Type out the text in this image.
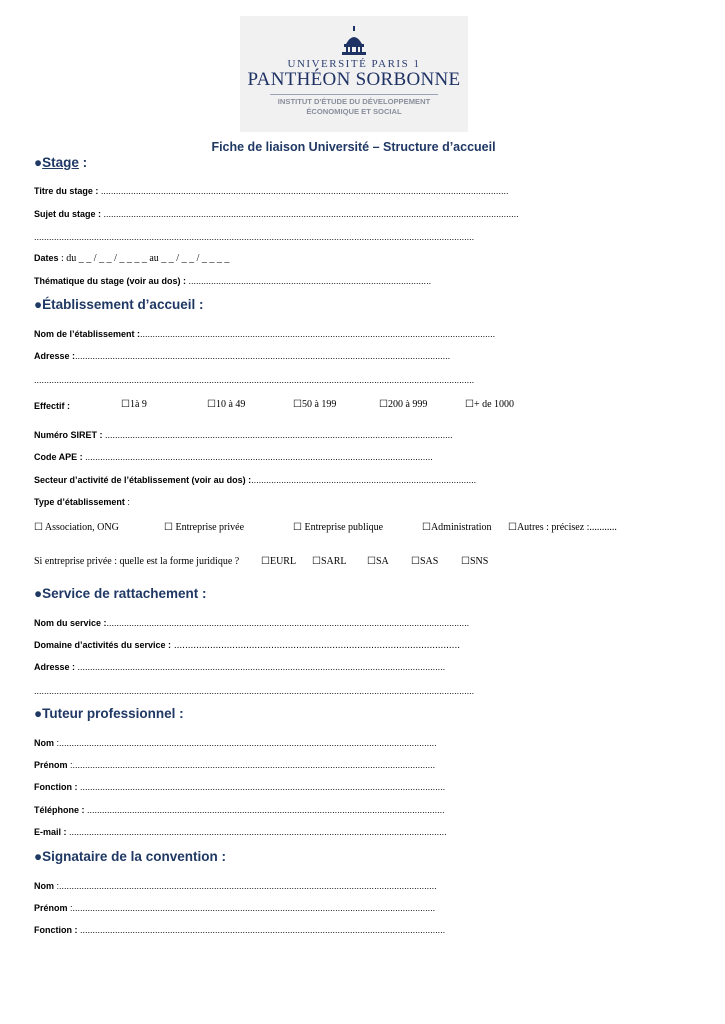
UNIVERSITÉ PARIS 1
PANTHÉON SORBONNE
INSTITUT D'ÉTUDE DU DÉVELOPPEMENT
ÉCONOMIQUE ET SOCIAL
Fiche de liaison Université – Structure d’accueil
●Stage :
Titre du stage : ...................................................................................................................................................................
Sujet du stage : ......................................................................................................................................................................
................................................................................................................................................................................
Dates : du _ _ / _ _ / _ _ _ _ au _ _ / _ _ / _ _ _ _
Thématique du stage (voir au dos) : .................................................................................................
●Établissement d’accueil :
Nom de l’établissement :..............................................................................................................................................
Adresse :......................................................................................................................................................
................................................................................................................................................................................
Effectif :	☐1à 9	☐10 à 49	☐50 à 199	☐200 à 999	☐+ de 1000
Numéro SIRET : ...........................................................................................................................................
Code APE : ...........................................................................................................................................
Secteur d’activité de l’établissement (voir au dos) :..........................................................................................
Type d’établissement :
☐ Association, ONG	☐ Entreprise privée	☐ Entreprise publique	☐Administration ☐Autres : précisez :...........
Si entreprise privée : quelle est la forme juridique ? ☐EURL ☐SARL ☐SA ☐SAS ☐SNS
●Service de rattachement :
Nom du service :.................................................................................................................................................
Domaine d’activités du service : .......................................................................................................
Adresse : ...................................................................................................................................................
................................................................................................................................................................................
●Tuteur professionnel :
Nom :.......................................................................................................................................................
Prénom :.................................................................................................................................................
Fonction : ..................................................................................................................................................
Téléphone : ...............................................................................................................................................
E-mail : .......................................................................................................................................................
●Signataire de la convention :
Nom :.......................................................................................................................................................
Prénom :.................................................................................................................................................
Fonction : ..................................................................................................................................................
